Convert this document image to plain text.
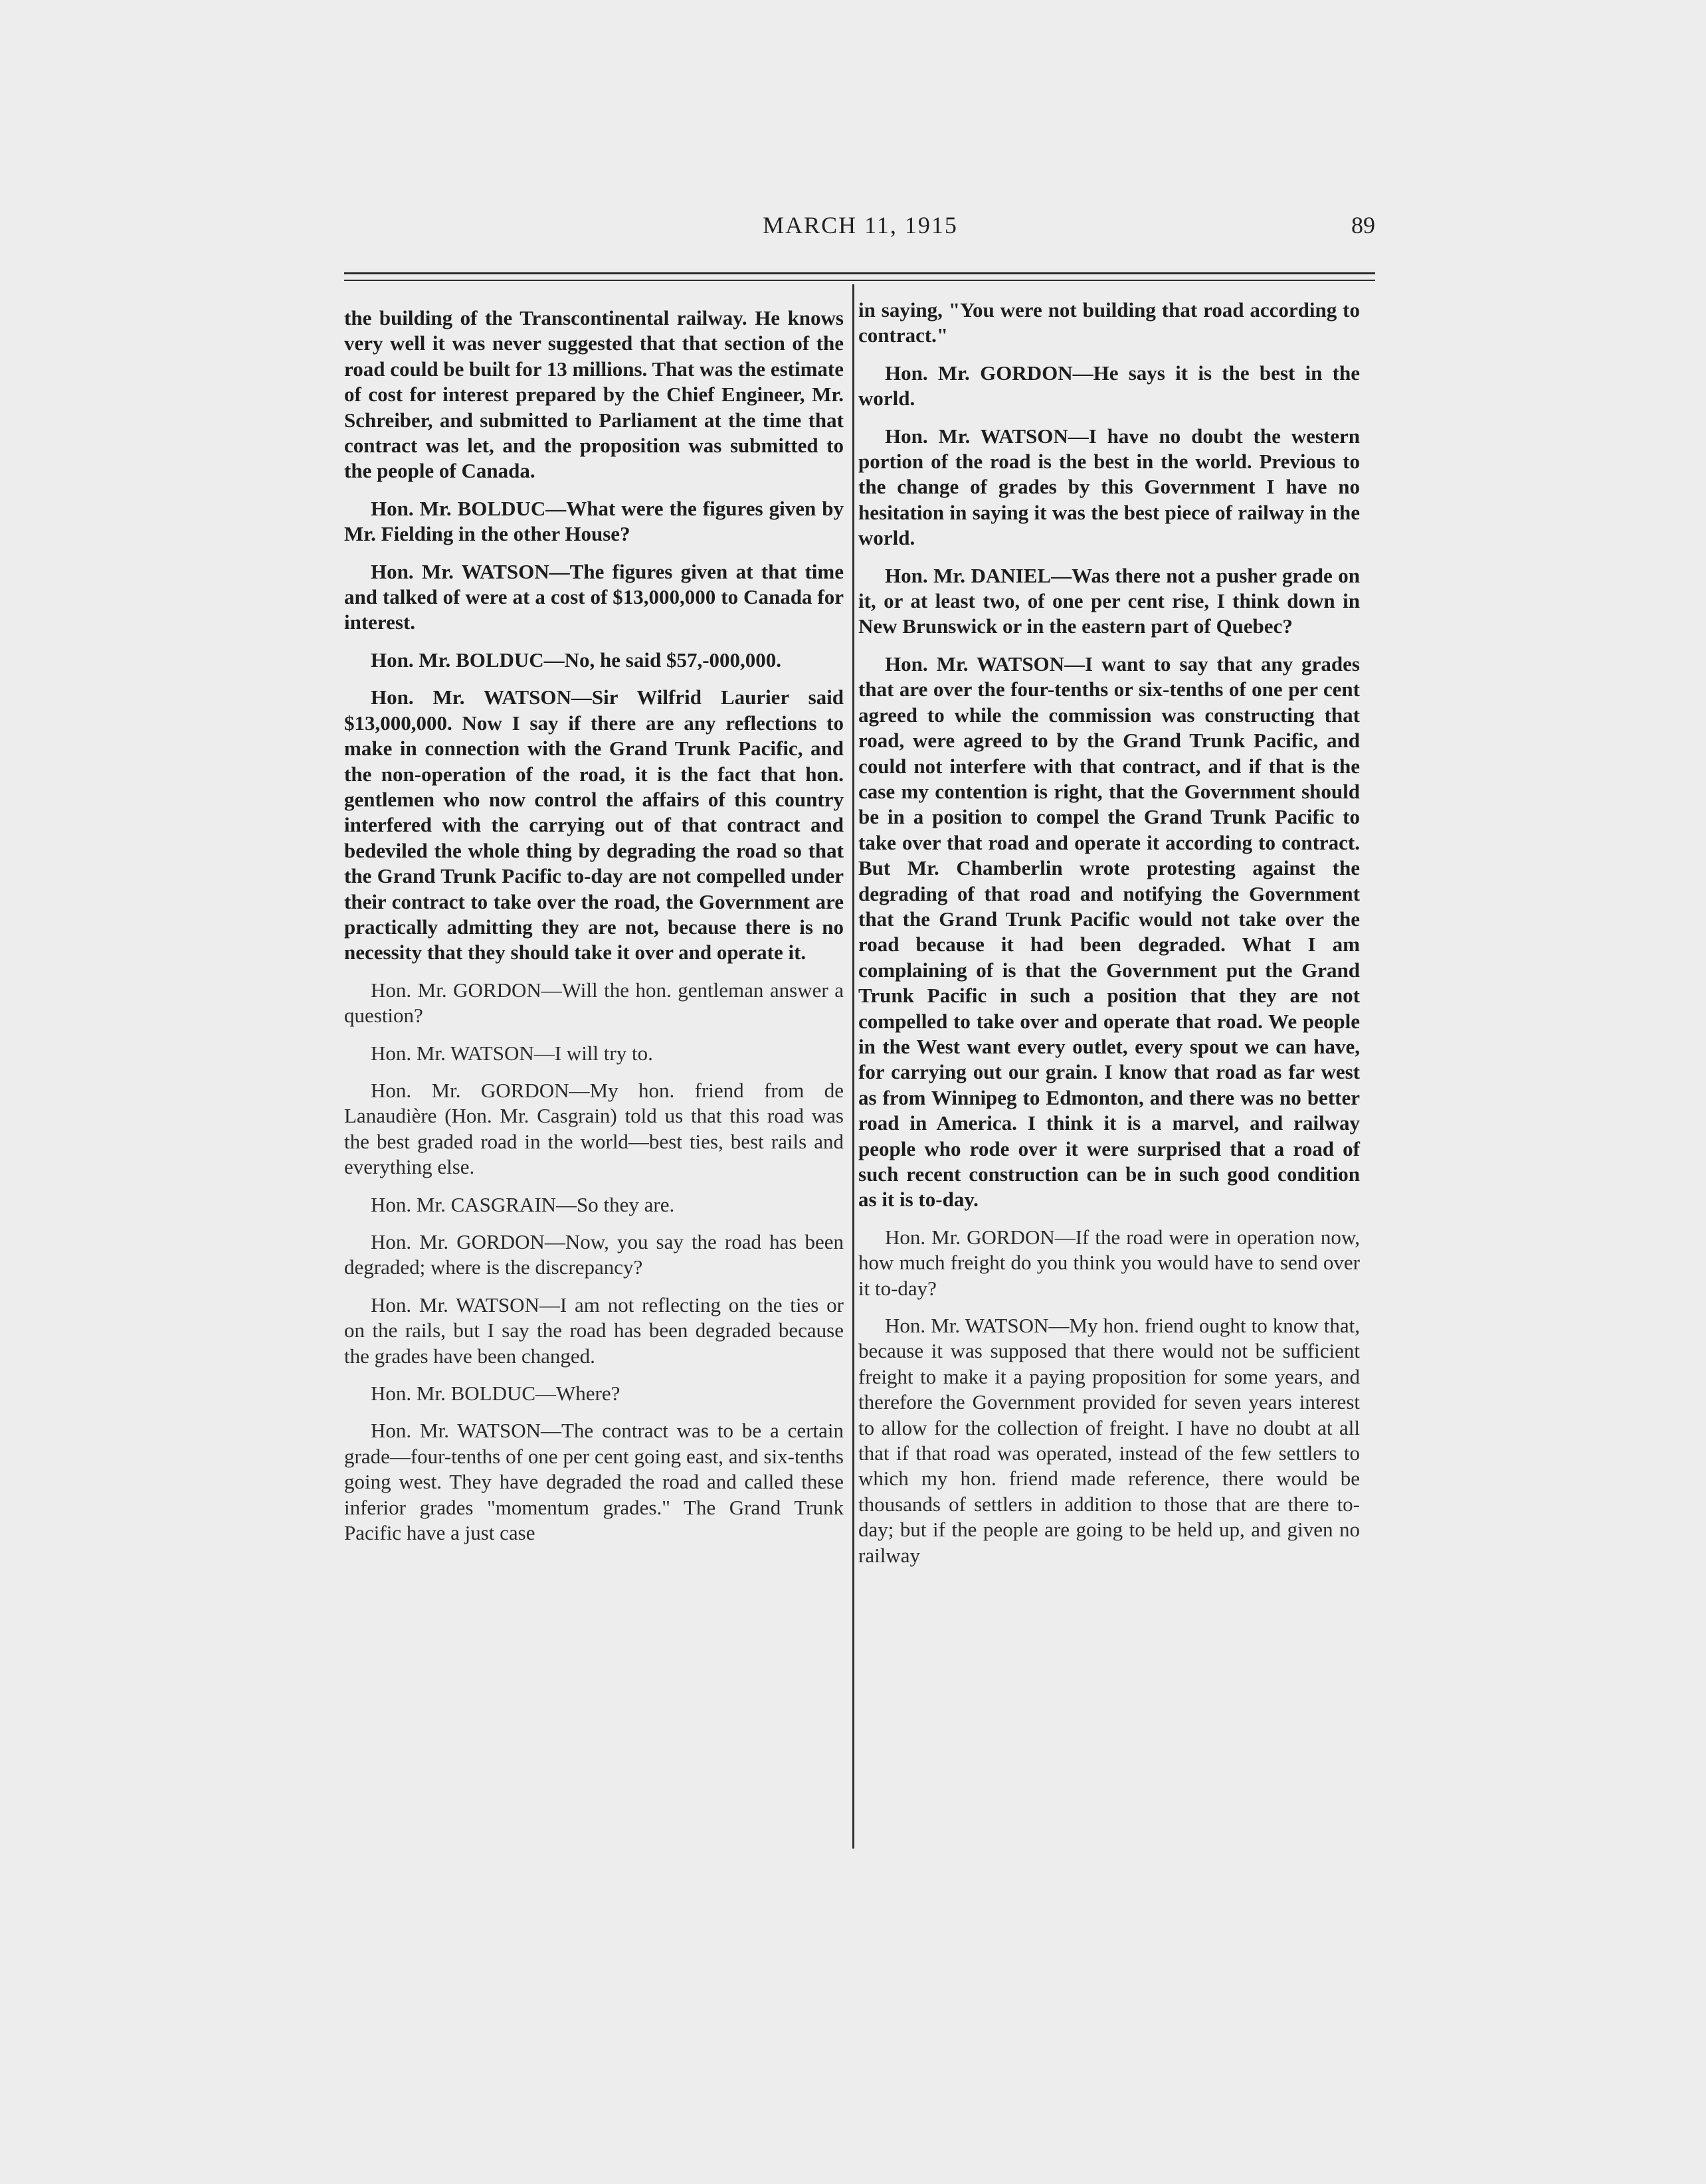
MARCH 11, 1915	89

the building of the Transcontinental railway. He knows very well it was never suggested that that section of the road could be built for 13 millions. That was the estimate of cost for interest prepared by the Chief Engineer, Mr. Schreiber, and submitted to Parliament at the time that contract was let, and the proposition was submitted to the people of Canada.

Hon. Mr. BOLDUC—What were the figures given by Mr. Fielding in the other House?

Hon. Mr. WATSON—The figures given at that time and talked of were at a cost of $13,000,000 to Canada for interest.

Hon. Mr. BOLDUC—No, he said $57,-000,000.

Hon. Mr. WATSON—Sir Wilfrid Laurier said $13,000,000. Now I say if there are any reflections to make in connection with the Grand Trunk Pacific, and the non-operation of the road, it is the fact that hon. gentlemen who now control the affairs of this country interfered with the carrying out of that contract and bedeviled the whole thing by degrading the road so that the Grand Trunk Pacific to-day are not compelled under their contract to take over the road, the Government are practically admitting they are not, because there is no necessity that they should take it over and operate it.

Hon. Mr. GORDON—Will the hon. gentleman answer a question?

Hon. Mr. WATSON—I will try to.

Hon. Mr. GORDON—My hon. friend from de Lanaudière (Hon. Mr. Casgrain) told us that this road was the best graded road in the world—best ties, best rails and everything else.

Hon. Mr. CASGRAIN—So they are.

Hon. Mr. GORDON—Now, you say the road has been degraded; where is the discrepancy?

Hon. Mr. WATSON—I am not reflecting on the ties or on the rails, but I say the road has been degraded because the grades have been changed.

Hon. Mr. BOLDUC—Where?

Hon. Mr. WATSON—The contract was to be a certain grade—four-tenths of one per cent going east, and six-tenths going west. They have degraded the road and called these inferior grades "momentum grades." The Grand Trunk Pacific have a just case

in saying, "You were not building that road according to contract."

Hon. Mr. GORDON—He says it is the best in the world.

Hon. Mr. WATSON—I have no doubt the western portion of the road is the best in the world. Previous to the change of grades by this Government I have no hesitation in saying it was the best piece of railway in the world.

Hon. Mr. DANIEL—Was there not a pusher grade on it, or at least two, of one per cent rise, I think down in New Brunswick or in the eastern part of Quebec?

Hon. Mr. WATSON—I want to say that any grades that are over the four-tenths or six-tenths of one per cent agreed to while the commission was constructing that road, were agreed to by the Grand Trunk Pacific, and could not interfere with that contract, and if that is the case my contention is right, that the Government should be in a position to compel the Grand Trunk Pacific to take over that road and operate it according to contract. But Mr. Chamberlin wrote protesting against the degrading of that road and notifying the Government that the Grand Trunk Pacific would not take over the road because it had been degraded. What I am complaining of is that the Government put the Grand Trunk Pacific in such a position that they are not compelled to take over and operate that road. We people in the West want every outlet, every spout we can have, for carrying out our grain. I know that road as far west as from Winnipeg to Edmonton, and there was no better road in America. I think it is a marvel, and railway people who rode over it were surprised that a road of such recent construction can be in such good condition as it is to-day.

Hon. Mr. GORDON—If the road were in operation now, how much freight do you think you would have to send over it to-day?

Hon. Mr. WATSON—My hon. friend ought to know that, because it was supposed that there would not be sufficient freight to make it a paying proposition for some years, and therefore the Government provided for seven years interest to allow for the collection of freight. I have no doubt at all that if that road was operated, instead of the few settlers to which my hon. friend made reference, there would be thousands of settlers in addition to those that are there to-day; but if the people are going to be held up, and given no railway
